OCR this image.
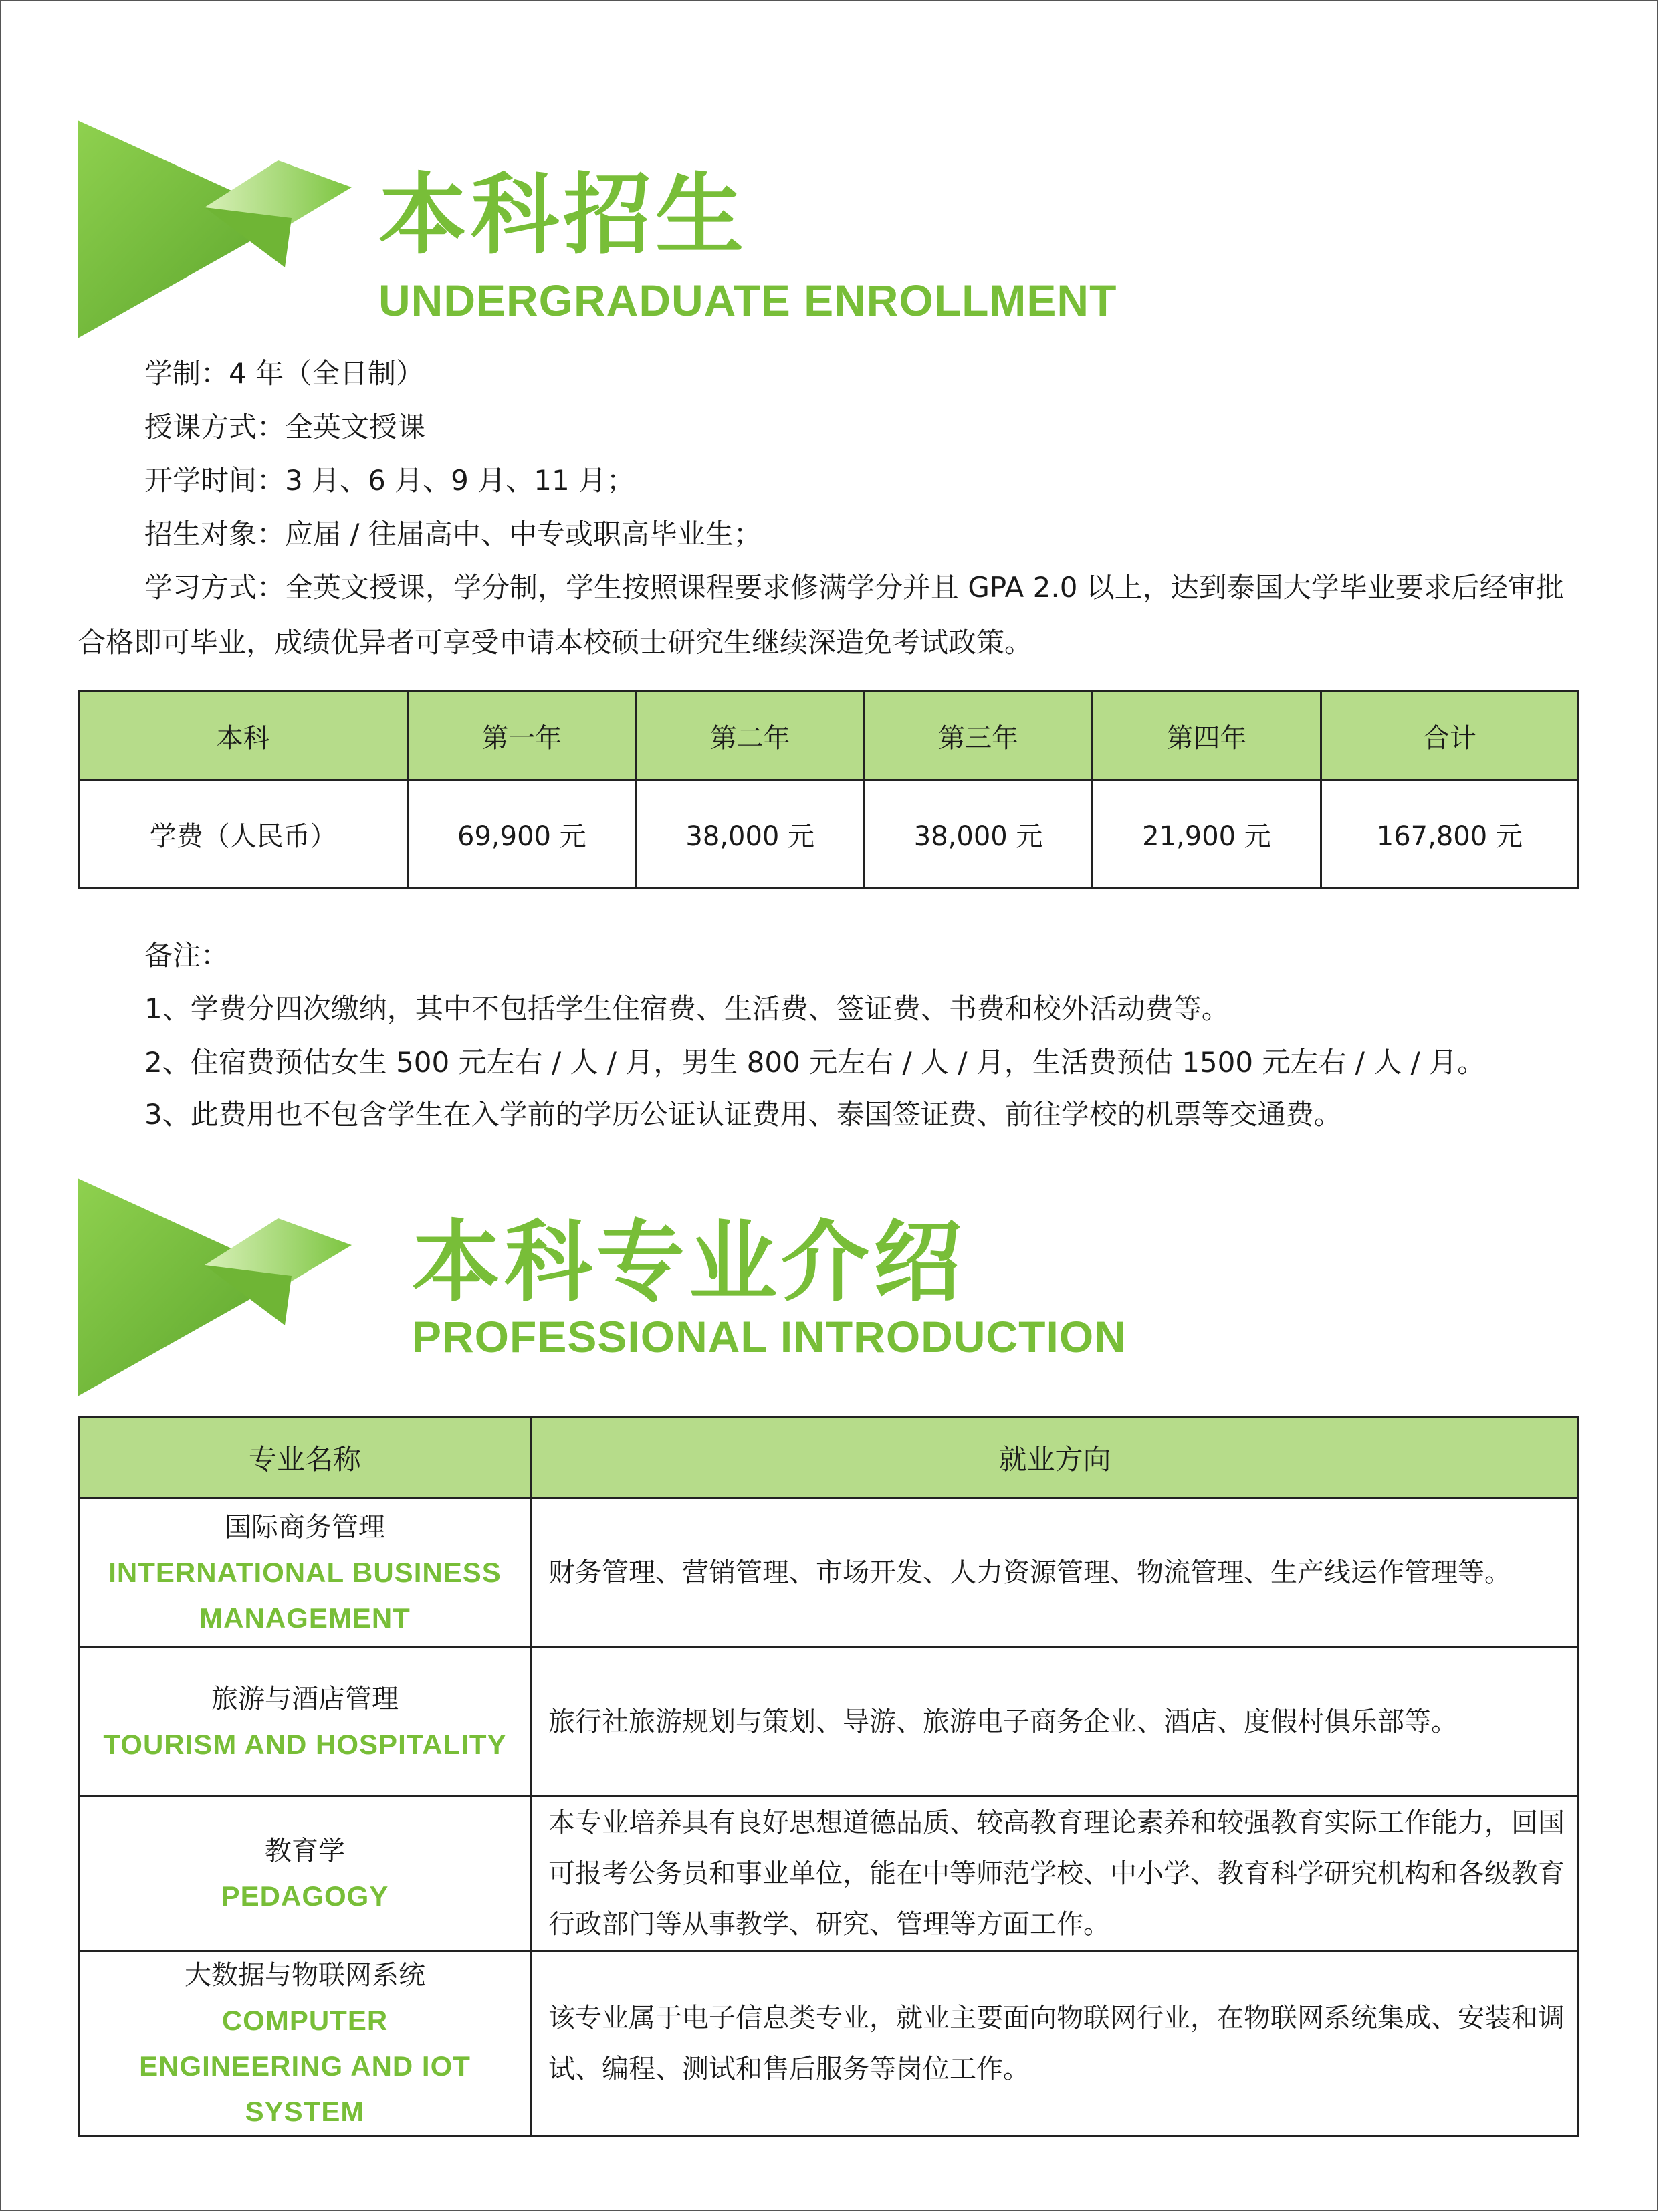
本科招生
UNDERGRADUATE ENROLLMENT
学制：4 年（全日制）
授课方式：全英文授课
开学时间：3 月、6 月、9 月、11 月；
招生对象：应届 / 往届高中、中专或职高毕业生；
学习方式：全英文授课，学分制，学生按照课程要求修满学分并且 GPA 2.0 以上，达到泰国大学毕业要求后经审批合格即可毕业，成绩优异者可享受申请本校硕士研究生继续深造免考试政策。
本科	第一年	第二年	第三年	第四年	合计
学费（人民币）	69,900 元	38,000 元	38,000 元	21,900 元	167,800 元
备注：
1、学费分四次缴纳，其中不包括学生住宿费、生活费、签证费、书费和校外活动费等。
2、住宿费预估女生 500 元左右 / 人 / 月，男生 800 元左右 / 人 / 月，生活费预估 1500 元左右 / 人 / 月。
3、此费用也不包含学生在入学前的学历公证认证费用、泰国签证费、前往学校的机票等交通费。
本科专业介绍
PROFESSIONAL INTRODUCTION
专业名称	就业方向

国际商务管理
INTERNATIONAL BUSINESS MANAGEMENT	财务管理、营销管理、市场开发、人力资源管理、物流管理、生产线运作管理等。

旅游与酒店管理
TOURISM AND HOSPITALITY	旅行社旅游规划与策划、导游、旅游电子商务企业、酒店、度假村俱乐部等。

教育学
PEDAGOGY	本专业培养具有良好思想道德品质、较高教育理论素养和较强教育实际工作能力，回国可报考公务员和事业单位，能在中等师范学校、中小学、教育科学研究机构和各级教育行政部门等从事教学、研究、管理等方面工作。

大数据与物联网系统
COMPUTER ENGINEERING AND IOT SYSTEM	该专业属于电子信息类专业，就业主要面向物联网行业，在物联网系统集成、安装和调试、编程、测试和售后服务等岗位工作。
